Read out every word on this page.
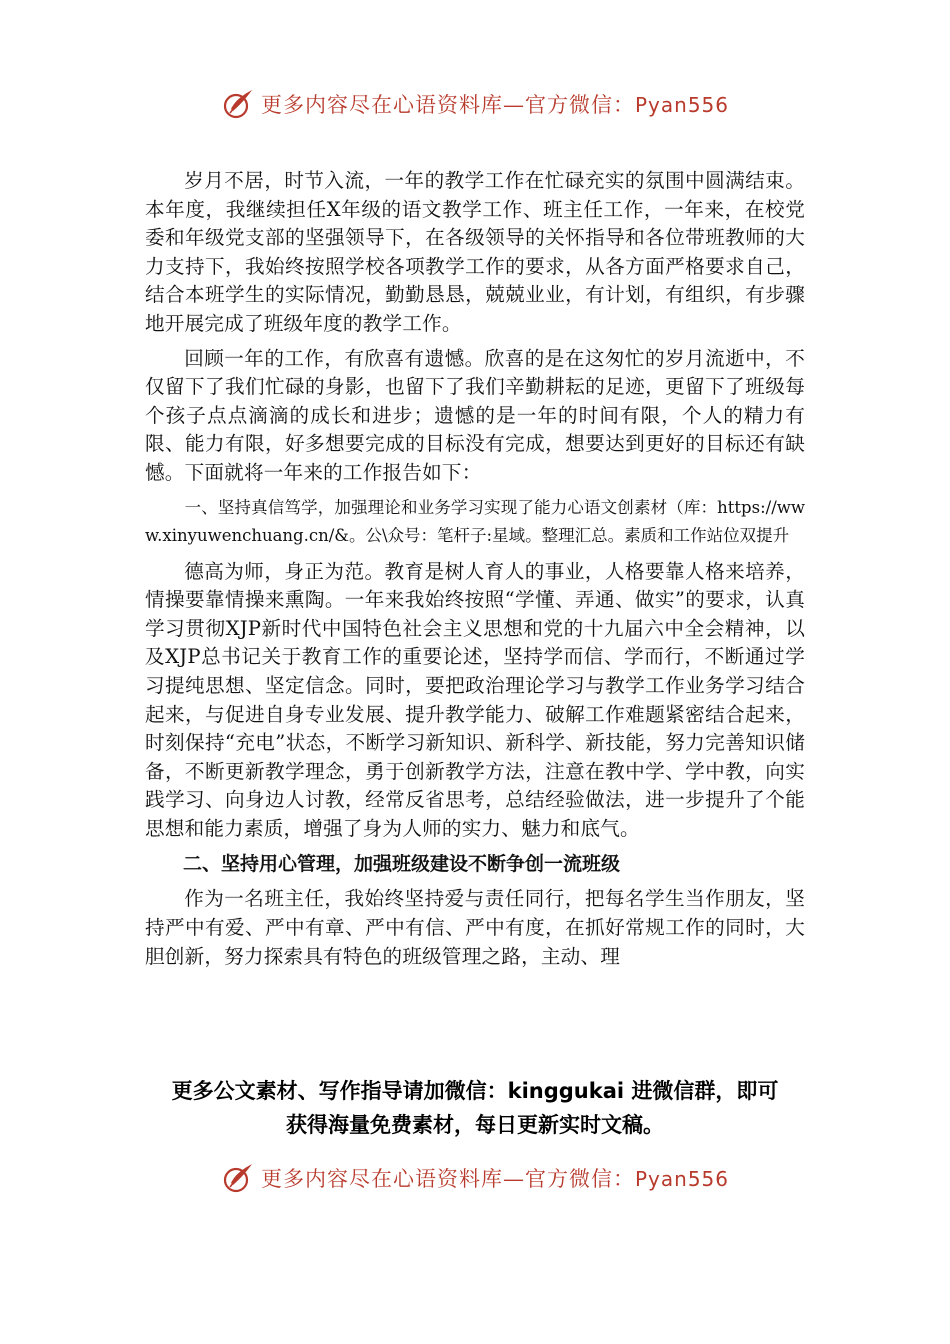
更多内容尽在心语资料库—官方微信：Pyan556

岁月不居，时节入流，一年的教学工作在忙碌充实的氛围中圆满结束。本年度，我继续担任X年级的语文教学工作、班主任工作，一年来，在校党委和年级党支部的坚强领导下，在各级领导的关怀指导和各位带班教师的大力支持下，我始终按照学校各项教学工作的要求，从各方面严格要求自己，结合本班学生的实际情况，勤勤恳恳，兢兢业业，有计划，有组织，有步骤地开展完成了班级年度的教学工作。

回顾一年的工作，有欣喜有遗憾。欣喜的是在这匆忙的岁月流逝中，不仅留下了我们忙碌的身影，也留下了我们辛勤耕耘的足迹，更留下了班级每个孩子点点滴滴的成长和进步；遗憾的是一年的时间有限，个人的精力有限、能力有限，好多想要完成的目标没有完成，想要达到更好的目标还有缺憾。下面就将一年来的工作报告如下：

一、坚持真信笃学，加强理论和业务学习实现了能力心语文创素材（库：https://www.xinyuwenchuang.cn/&。公\众号：笔杆子:星域。整理汇总。素质和工作站位双提升

德高为师，身正为范。教育是树人育人的事业，人格要靠人格来培养，情操要靠情操来熏陶。一年来我始终按照“学懂、弄通、做实”的要求，认真学习贯彻XJP新时代中国特色社会主义思想和党的十九届六中全会精神，以及XJP总书记关于教育工作的重要论述，坚持学而信、学而行，不断通过学习提纯思想、坚定信念。同时，要把政治理论学习与教学工作业务学习结合起来，与促进自身专业发展、提升教学能力、破解工作难题紧密结合起来，时刻保持“充电”状态，不断学习新知识、新科学、新技能，努力完善知识储备，不断更新教学理念，勇于创新教学方法，注意在教中学、学中教，向实践学习、向身边人讨教，经常反省思考，总结经验做法，进一步提升了个能思想和能力素质，增强了身为人师的实力、魅力和底气。

二、坚持用心管理，加强班级建设不断争创一流班级

作为一名班主任，我始终坚持爱与责任同行，把每名学生当作朋友，坚持严中有爱、严中有章、严中有信、严中有度，在抓好常规工作的同时，大胆创新，努力探索具有特色的班级管理之路，主动、理

更多公文素材、写作指导请加微信：kinggukai 进微信群，即可
获得海量免费素材，每日更新实时文稿。
更多内容尽在心语资料库—官方微信：Pyan556
